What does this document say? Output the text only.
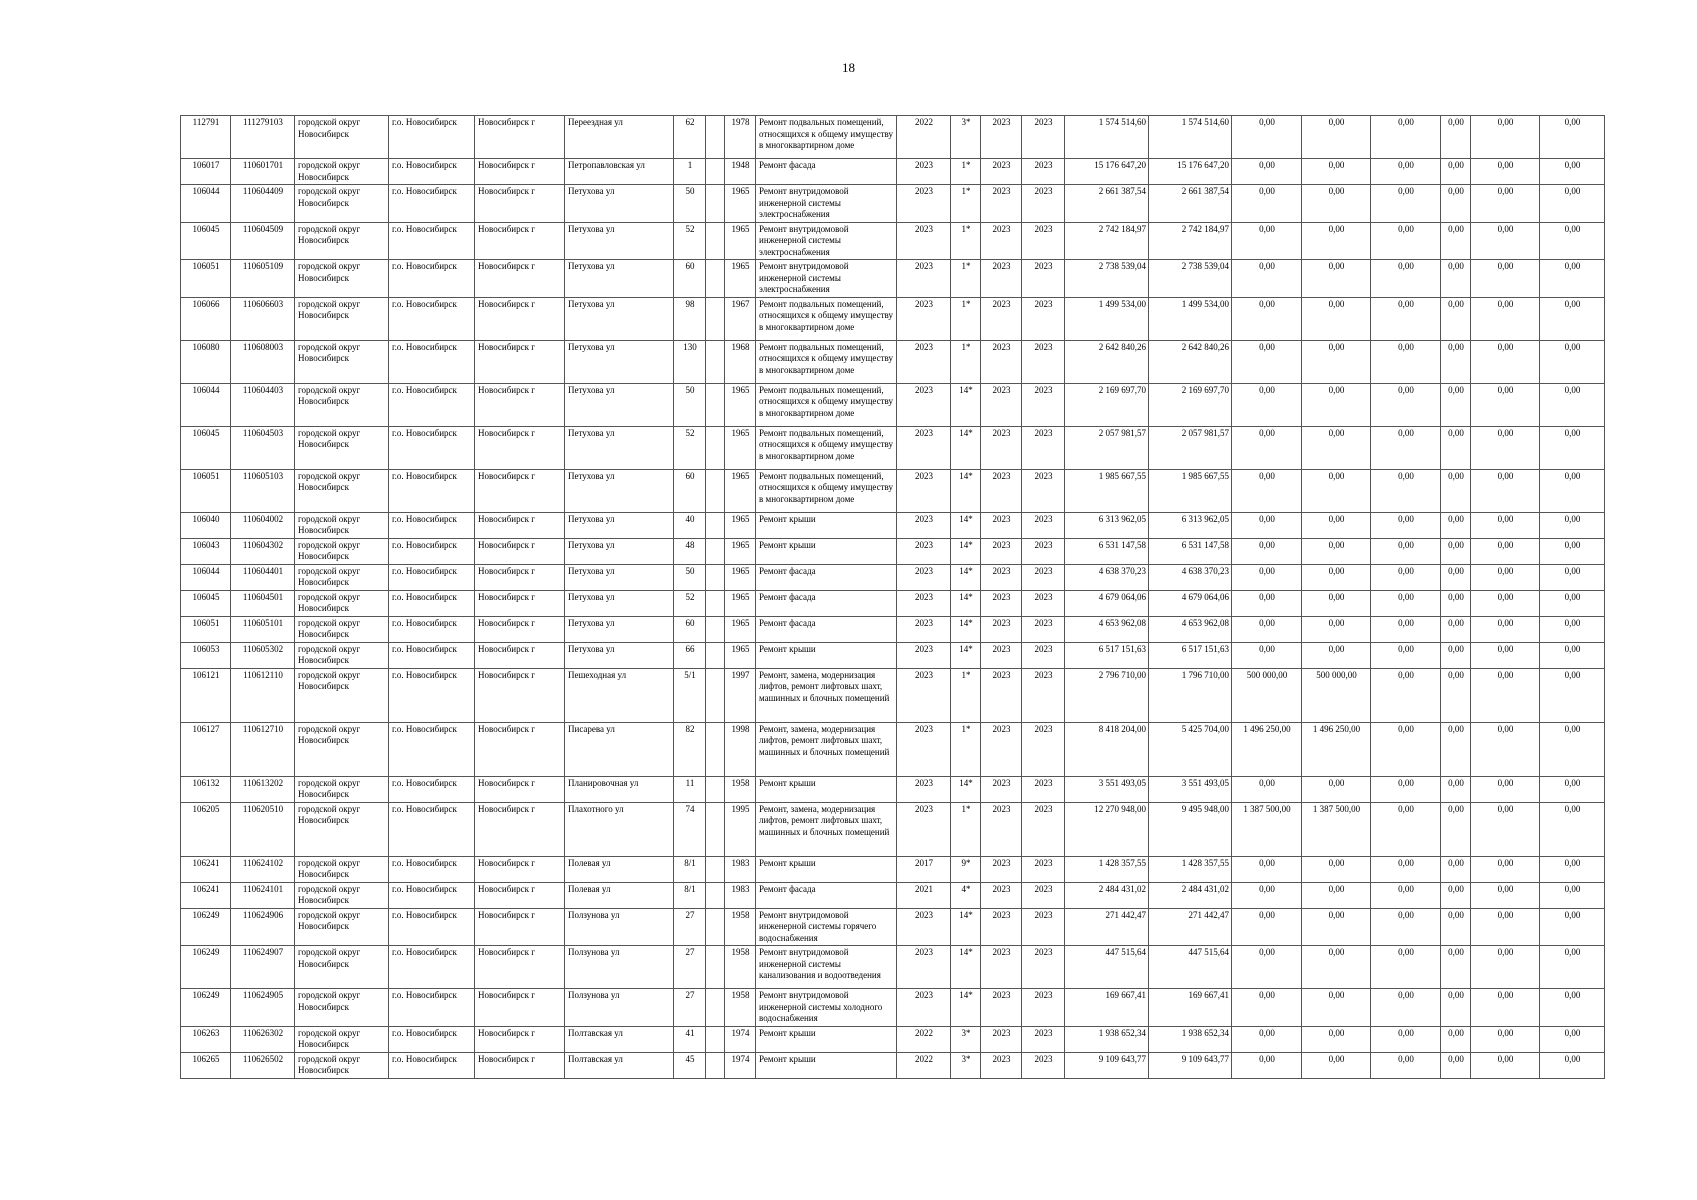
18
112791	111279103	городской округ Новосибирск	г.о. Новосибирск	Новосибирск г	Переездная ул	62		1978	Ремонт подвальных помещений, относящихся к общему имуществу в многоквартирном доме	2022	3*	2023	2023	1 574 514,60	1 574 514,60	0,00	0,00	0,00	0,00	0,00	0,00
106017	110601701	городской округ Новосибирск	г.о. Новосибирск	Новосибирск г	Петропавловская ул	1		1948	Ремонт фасада	2023	1*	2023	2023	15 176 647,20	15 176 647,20	0,00	0,00	0,00	0,00	0,00	0,00
106044	110604409	городской округ Новосибирск	г.о. Новосибирск	Новосибирск г	Петухова ул	50		1965	Ремонт внутридомовой инженерной системы электроснабжения	2023	1*	2023	2023	2 661 387,54	2 661 387,54	0,00	0,00	0,00	0,00	0,00	0,00
106045	110604509	городской округ Новосибирск	г.о. Новосибирск	Новосибирск г	Петухова ул	52		1965	Ремонт внутридомовой инженерной системы электроснабжения	2023	1*	2023	2023	2 742 184,97	2 742 184,97	0,00	0,00	0,00	0,00	0,00	0,00
106051	110605109	городской округ Новосибирск	г.о. Новосибирск	Новосибирск г	Петухова ул	60		1965	Ремонт внутридомовой инженерной системы электроснабжения	2023	1*	2023	2023	2 738 539,04	2 738 539,04	0,00	0,00	0,00	0,00	0,00	0,00
106066	110606603	городской округ Новосибирск	г.о. Новосибирск	Новосибирск г	Петухова ул	98		1967	Ремонт подвальных помещений, относящихся к общему имуществу в многоквартирном доме	2023	1*	2023	2023	1 499 534,00	1 499 534,00	0,00	0,00	0,00	0,00	0,00	0,00
106080	110608003	городской округ Новосибирск	г.о. Новосибирск	Новосибирск г	Петухова ул	130		1968	Ремонт подвальных помещений, относящихся к общему имуществу в многоквартирном доме	2023	1*	2023	2023	2 642 840,26	2 642 840,26	0,00	0,00	0,00	0,00	0,00	0,00
106044	110604403	городской округ Новосибирск	г.о. Новосибирск	Новосибирск г	Петухова ул	50		1965	Ремонт подвальных помещений, относящихся к общему имуществу в многоквартирном доме	2023	14*	2023	2023	2 169 697,70	2 169 697,70	0,00	0,00	0,00	0,00	0,00	0,00
106045	110604503	городской округ Новосибирск	г.о. Новосибирск	Новосибирск г	Петухова ул	52		1965	Ремонт подвальных помещений, относящихся к общему имуществу в многоквартирном доме	2023	14*	2023	2023	2 057 981,57	2 057 981,57	0,00	0,00	0,00	0,00	0,00	0,00
106051	110605103	городской округ Новосибирск	г.о. Новосибирск	Новосибирск г	Петухова ул	60		1965	Ремонт подвальных помещений, относящихся к общему имуществу в многоквартирном доме	2023	14*	2023	2023	1 985 667,55	1 985 667,55	0,00	0,00	0,00	0,00	0,00	0,00
106040	110604002	городской округ Новосибирск	г.о. Новосибирск	Новосибирск г	Петухова ул	40		1965	Ремонт крыши	2023	14*	2023	2023	6 313 962,05	6 313 962,05	0,00	0,00	0,00	0,00	0,00	0,00
106043	110604302	городской округ Новосибирск	г.о. Новосибирск	Новосибирск г	Петухова ул	48		1965	Ремонт крыши	2023	14*	2023	2023	6 531 147,58	6 531 147,58	0,00	0,00	0,00	0,00	0,00	0,00
106044	110604401	городской округ Новосибирск	г.о. Новосибирск	Новосибирск г	Петухова ул	50		1965	Ремонт фасада	2023	14*	2023	2023	4 638 370,23	4 638 370,23	0,00	0,00	0,00	0,00	0,00	0,00
106045	110604501	городской округ Новосибирск	г.о. Новосибирск	Новосибирск г	Петухова ул	52		1965	Ремонт фасада	2023	14*	2023	2023	4 679 064,06	4 679 064,06	0,00	0,00	0,00	0,00	0,00	0,00
106051	110605101	городской округ Новосибирск	г.о. Новосибирск	Новосибирск г	Петухова ул	60		1965	Ремонт фасада	2023	14*	2023	2023	4 653 962,08	4 653 962,08	0,00	0,00	0,00	0,00	0,00	0,00
106053	110605302	городской округ Новосибирск	г.о. Новосибирск	Новосибирск г	Петухова ул	66		1965	Ремонт крыши	2023	14*	2023	2023	6 517 151,63	6 517 151,63	0,00	0,00	0,00	0,00	0,00	0,00
106121	110612110	городской округ Новосибирск	г.о. Новосибирск	Новосибирск г	Пешеходная ул	5/1		1997	Ремонт, замена, модернизация лифтов, ремонт лифтовых шахт, машинных и блочных помещений	2023	1*	2023	2023	2 796 710,00	1 796 710,00	500 000,00	500 000,00	0,00	0,00	0,00	0,00
106127	110612710	городской округ Новосибирск	г.о. Новосибирск	Новосибирск г	Писарева ул	82		1998	Ремонт, замена, модернизация лифтов, ремонт лифтовых шахт, машинных и блочных помещений	2023	1*	2023	2023	8 418 204,00	5 425 704,00	1 496 250,00	1 496 250,00	0,00	0,00	0,00	0,00
106132	110613202	городской округ Новосибирск	г.о. Новосибирск	Новосибирск г	Планировочная ул	11		1958	Ремонт крыши	2023	14*	2023	2023	3 551 493,05	3 551 493,05	0,00	0,00	0,00	0,00	0,00	0,00
106205	110620510	городской округ Новосибирск	г.о. Новосибирск	Новосибирск г	Плахотного ул	74		1995	Ремонт, замена, модернизация лифтов, ремонт лифтовых шахт, машинных и блочных помещений	2023	1*	2023	2023	12 270 948,00	9 495 948,00	1 387 500,00	1 387 500,00	0,00	0,00	0,00	0,00
106241	110624102	городской округ Новосибирск	г.о. Новосибирск	Новосибирск г	Полевая ул	8/1		1983	Ремонт крыши	2017	9*	2023	2023	1 428 357,55	1 428 357,55	0,00	0,00	0,00	0,00	0,00	0,00
106241	110624101	городской округ Новосибирск	г.о. Новосибирск	Новосибирск г	Полевая ул	8/1		1983	Ремонт фасада	2021	4*	2023	2023	2 484 431,02	2 484 431,02	0,00	0,00	0,00	0,00	0,00	0,00
106249	110624906	городской округ Новосибирск	г.о. Новосибирск	Новосибирск г	Ползунова ул	27		1958	Ремонт внутридомовой инженерной системы горячего водоснабжения	2023	14*	2023	2023	271 442,47	271 442,47	0,00	0,00	0,00	0,00	0,00	0,00
106249	110624907	городской округ Новосибирск	г.о. Новосибирск	Новосибирск г	Ползунова ул	27		1958	Ремонт внутридомовой инженерной системы канализования и водоотведения	2023	14*	2023	2023	447 515,64	447 515,64	0,00	0,00	0,00	0,00	0,00	0,00
106249	110624905	городской округ Новосибирск	г.о. Новосибирск	Новосибирск г	Ползунова ул	27		1958	Ремонт внутридомовой инженерной системы холодного водоснабжения	2023	14*	2023	2023	169 667,41	169 667,41	0,00	0,00	0,00	0,00	0,00	0,00
106263	110626302	городской округ Новосибирск	г.о. Новосибирск	Новосибирск г	Полтавская ул	41		1974	Ремонт крыши	2022	3*	2023	2023	1 938 652,34	1 938 652,34	0,00	0,00	0,00	0,00	0,00	0,00
106265	110626502	городской округ Новосибирск	г.о. Новосибирск	Новосибирск г	Полтавская ул	45		1974	Ремонт крыши	2022	3*	2023	2023	9 109 643,77	9 109 643,77	0,00	0,00	0,00	0,00	0,00	0,00
